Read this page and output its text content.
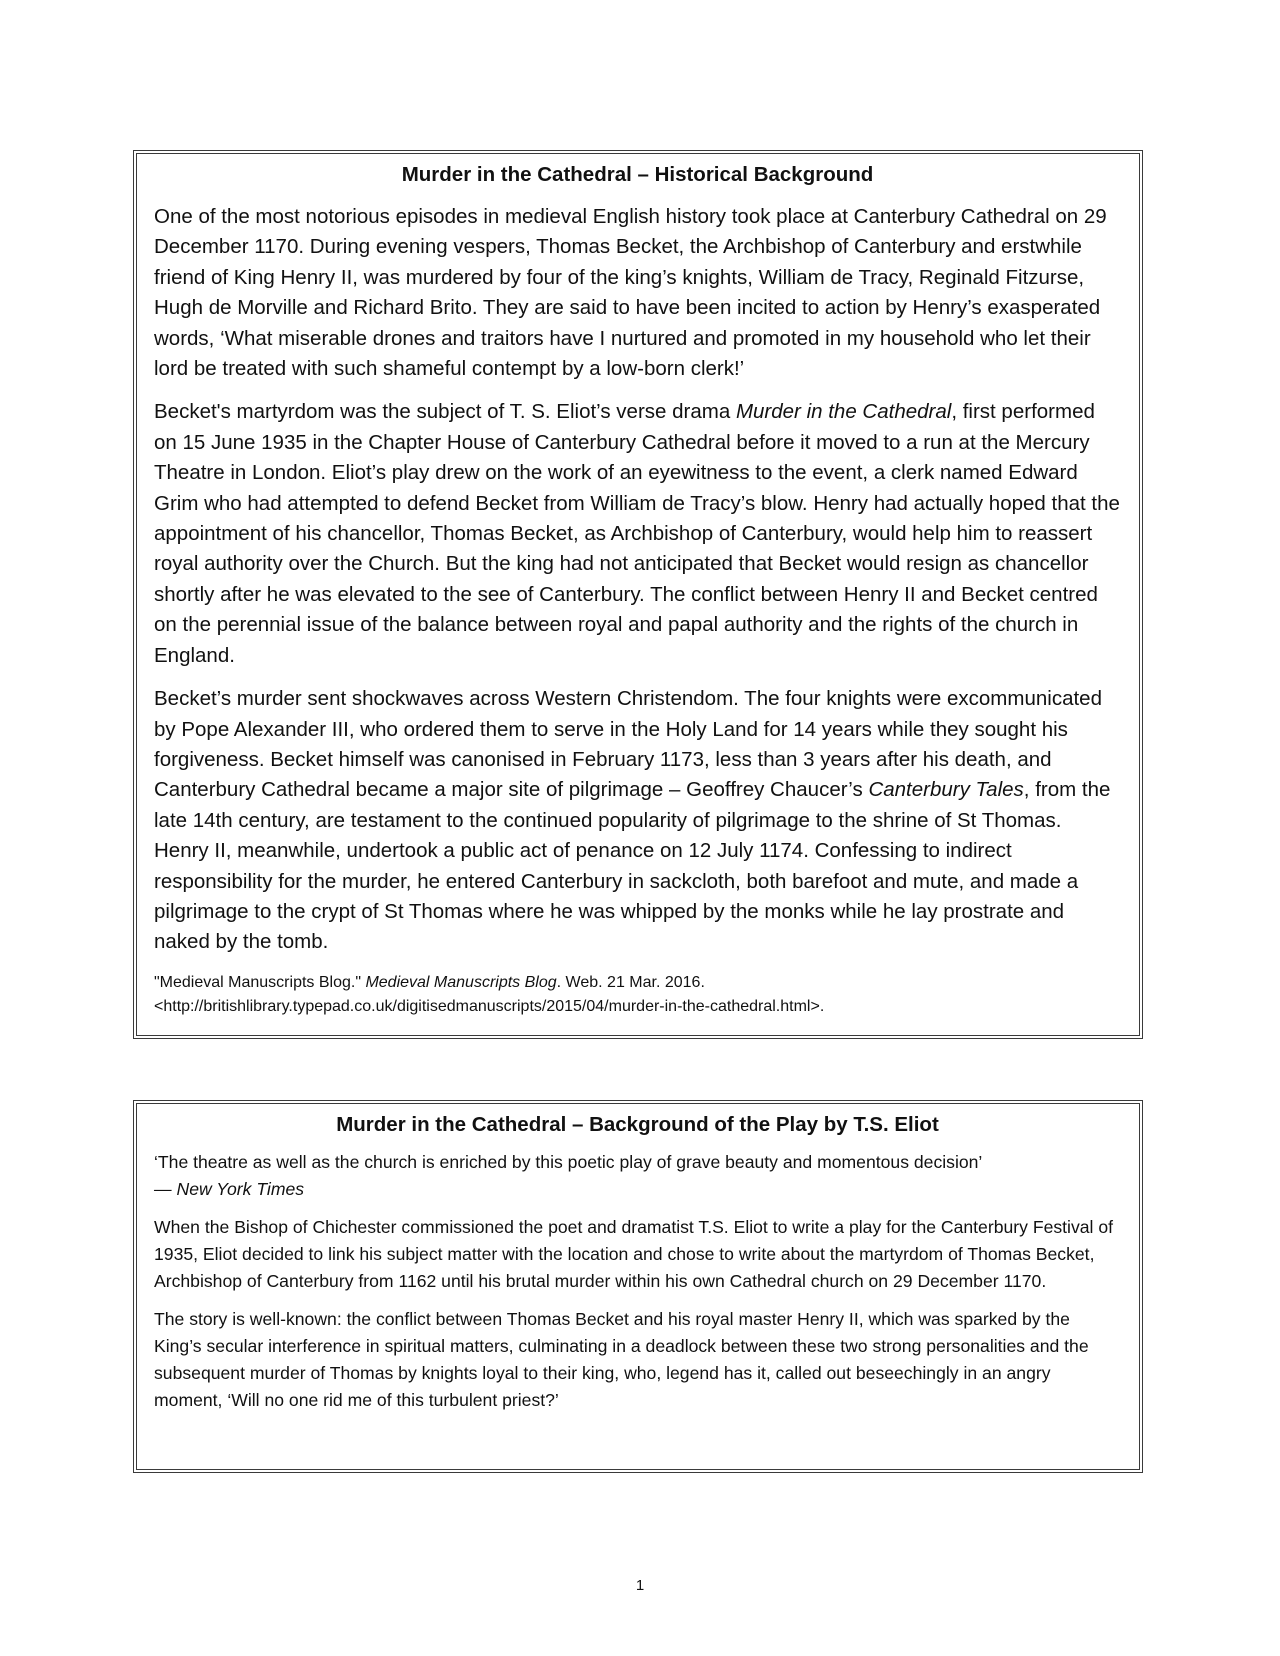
Murder in the Cathedral – Historical Background

One of the most notorious episodes in medieval English history took place at Canterbury Cathedral on 29 December 1170. During evening vespers, Thomas Becket, the Archbishop of Canterbury and erstwhile friend of King Henry II, was murdered by four of the king’s knights, William de Tracy, Reginald Fitzurse, Hugh de Morville and Richard Brito. They are said to have been incited to action by Henry’s exasperated words, ‘What miserable drones and traitors have I nurtured and promoted in my household who let their lord be treated with such shameful contempt by a low-born clerk!’

Becket's martyrdom was the subject of T. S. Eliot’s verse drama Murder in the Cathedral, first performed on 15 June 1935 in the Chapter House of Canterbury Cathedral before it moved to a run at the Mercury Theatre in London. Eliot’s play drew on the work of an eyewitness to the event, a clerk named Edward Grim who had attempted to defend Becket from William de Tracy’s blow. Henry had actually hoped that the appointment of his chancellor, Thomas Becket, as Archbishop of Canterbury, would help him to reassert royal authority over the Church. But the king had not anticipated that Becket would resign as chancellor shortly after he was elevated to the see of Canterbury. The conflict between Henry II and Becket centred on the perennial issue of the balance between royal and papal authority and the rights of the church in England.

Becket’s murder sent shockwaves across Western Christendom. The four knights were excommunicated by Pope Alexander III, who ordered them to serve in the Holy Land for 14 years while they sought his forgiveness. Becket himself was canonised in February 1173, less than 3 years after his death, and Canterbury Cathedral became a major site of pilgrimage – Geoffrey Chaucer’s Canterbury Tales, from the late 14th century, are testament to the continued popularity of pilgrimage to the shrine of St Thomas. Henry II, meanwhile, undertook a public act of penance on 12 July 1174. Confessing to indirect responsibility for the murder, he entered Canterbury in sackcloth, both barefoot and mute, and made a pilgrimage to the crypt of St Thomas where he was whipped by the monks while he lay prostrate and naked by the tomb.

"Medieval Manuscripts Blog." Medieval Manuscripts Blog. Web. 21 Mar. 2016.
<http://britishlibrary.typepad.co.uk/digitisedmanuscripts/2015/04/murder-in-the-cathedral.html>.

Murder in the Cathedral – Background of the Play by T.S. Eliot

‘The theatre as well as the church is enriched by this poetic play of grave beauty and momentous decision’

— New York Times

When the Bishop of Chichester commissioned the poet and dramatist T.S. Eliot to write a play for the Canterbury Festival of 1935, Eliot decided to link his subject matter with the location and chose to write about the martyrdom of Thomas Becket, Archbishop of Canterbury from 1162 until his brutal murder within his own Cathedral church on 29 December 1170.

The story is well-known: the conflict between Thomas Becket and his royal master Henry II, which was sparked by the King’s secular interference in spiritual matters, culminating in a deadlock between these two strong personalities and the subsequent murder of Thomas by knights loyal to their king, who, legend has it, called out beseechingly in an angry moment, ‘Will no one rid me of this turbulent priest?’

1
